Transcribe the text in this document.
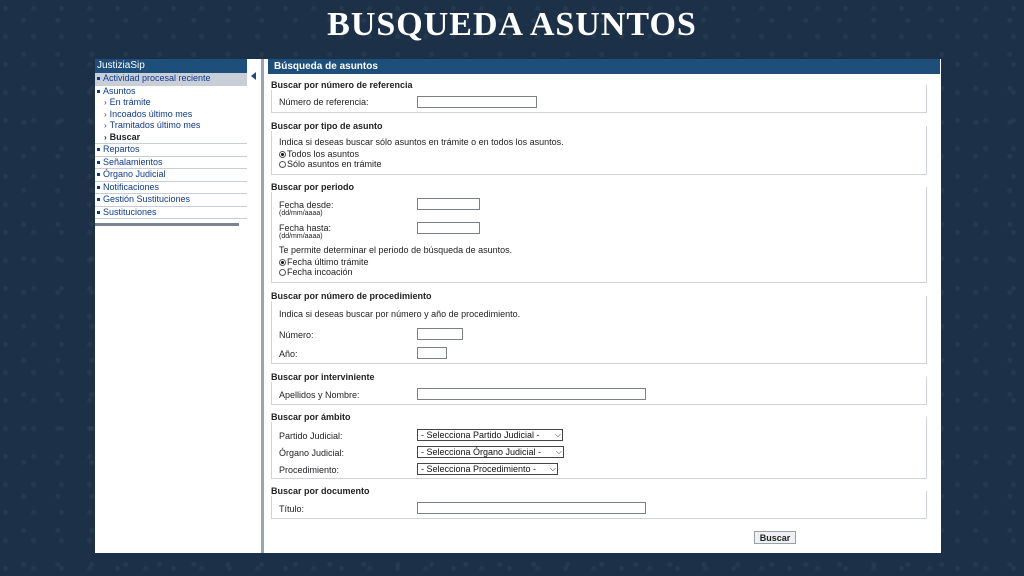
BUSQUEDA ASUNTOS
JustiziaSip
Actividad procesal reciente
Asuntos
› En trámite
› Incoados último mes
› Tramitados último mes
› Buscar
Repartos
Señalamientos
Órgano Judicial
Notificaciones
Gestión Sustituciones
Sustituciones
Búsqueda de asuntos
Buscar por número de referencia
Número de referencia:
Buscar por tipo de asunto
Indica si deseas buscar sólo asuntos en trámite o en todos los asuntos.
Todos los asuntos
Sólo asuntos en trámite
Buscar por periodo
Fecha desde:
(dd/mm/aaaa)
Fecha hasta:
(dd/mm/aaaa)
Te permite determinar el periodo de búsqueda de asuntos.
Fecha último trámite
Fecha incoación
Buscar por número de procedimiento
Indica si deseas buscar por número y año de procedimiento.
Número:
Año:
Buscar por interviniente
Apellidos y Nombre:
Buscar por ámbito
Partido Judicial:	- Selecciona Partido Judicial - ⌵
Órgano Judicial:	- Selecciona Órgano Judicial - ⌵
Procedimiento:	- Selecciona Procedimiento - ⌵
Buscar por documento
Título:
Buscar
